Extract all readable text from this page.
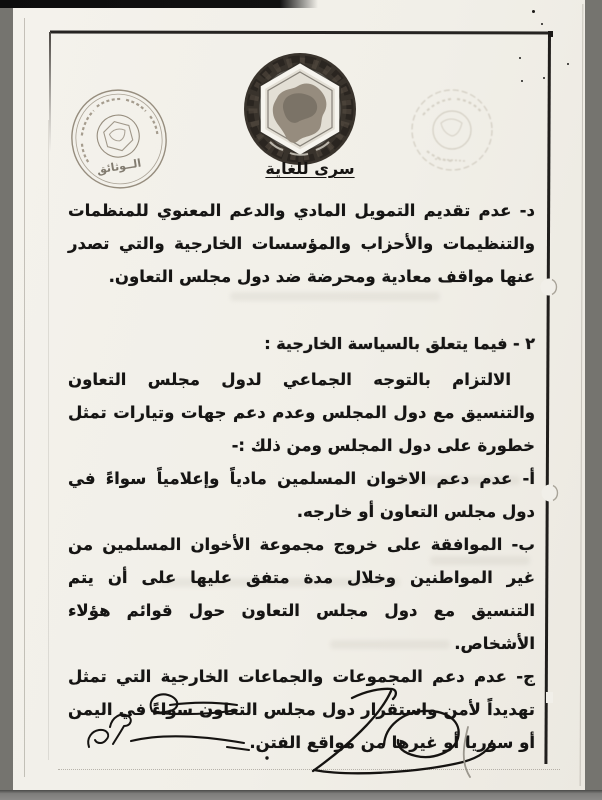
الــوثائق	سرى للغاية

د- عدم تقديم التمويل المادي والدعم المعنوي للمنظمات والتنظيمات والأحزاب والمؤسسات الخارجية والتي تصدر عنها مواقف معادية ومحرضة ضد دول مجلس التعاون.

٢ - فيما يتعلق بالسياسة الخارجية :

الالتزام بالتوجه الجماعي لدول مجلس التعاون والتنسيق مع دول المجلس وعدم دعم جهات وتيارات تمثل خطورة على دول المجلس ومن ذلك :-

أ- عدم دعم الاخوان المسلمين مادياً وإعلامياً سواءً في دول مجلس التعاون أو خارجه.

ب- الموافقة على خروج مجموعة الأخوان المسلمين من غير المواطنين وخلال مدة متفق عليها على أن يتم التنسيق مع دول مجلس التعاون حول قوائم هؤلاء الأشخاص.

ج- عدم دعم المجموعات والجماعات الخارجية التي تمثل تهديداً لأمن واستقرار دول مجلس التعاون سواءً في اليمن أو سوريا أو غيرها من مواقع الفتن.
